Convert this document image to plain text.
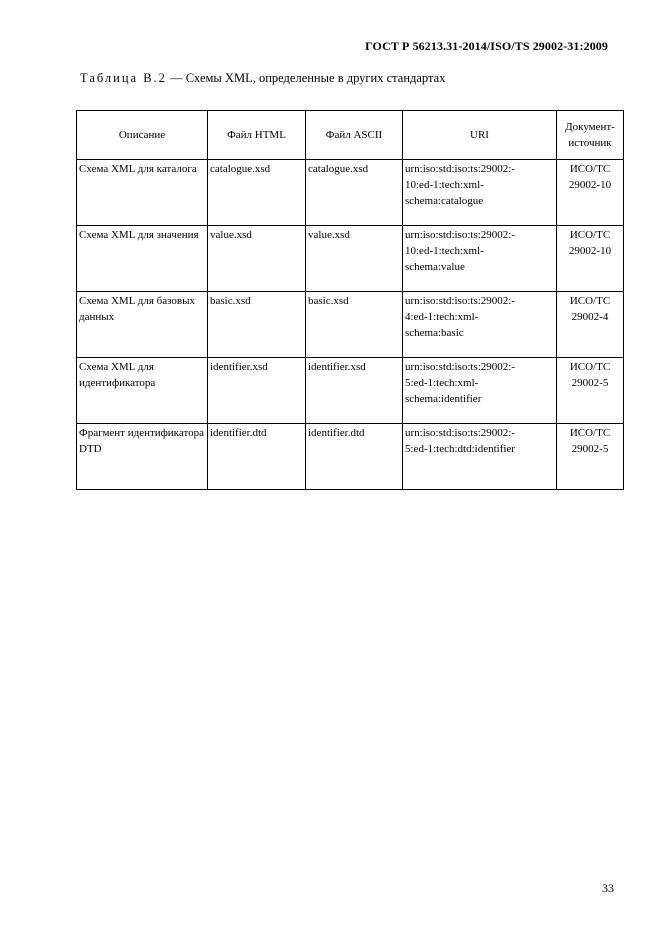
ГОСТ Р 56213.31-2014/ISO/TS 29002-31:2009
Таблица В.2 — Схемы XML, определенные в других стандартах
Описание	Файл HTML	Файл ASCII	URI	Документ-источник
Схема XML для каталога	catalogue.xsd	catalogue.xsd	urn:iso:std:iso:ts:29002:-
10:ed-1:tech:xml-
schema:catalogue	ИСО/ТС 29002-10
Схема XML для значения	value.xsd	value.xsd	urn:iso:std:iso:ts:29002:-
10:ed-1:tech:xml-
schema:value	ИСО/ТС 29002-10
Схема XML для базовых данных	basic.xsd	basic.xsd	urn:iso:std:iso:ts:29002:-
4:ed-1:tech:xml-
schema:basic	ИСО/ТС 29002-4
Схема XML для идентификатора	identifier.xsd	identifier.xsd	urn:iso:std:iso:ts:29002:-
5:ed-1:tech:xml-
schema:identifier	ИСО/ТС 29002-5
Фрагмент идентификатора DTD	identifier.dtd	identifier.dtd	urn:iso:std:iso:ts:29002:-
5:ed-1:tech:dtd:identifier	ИСО/ТС 29002-5
33
